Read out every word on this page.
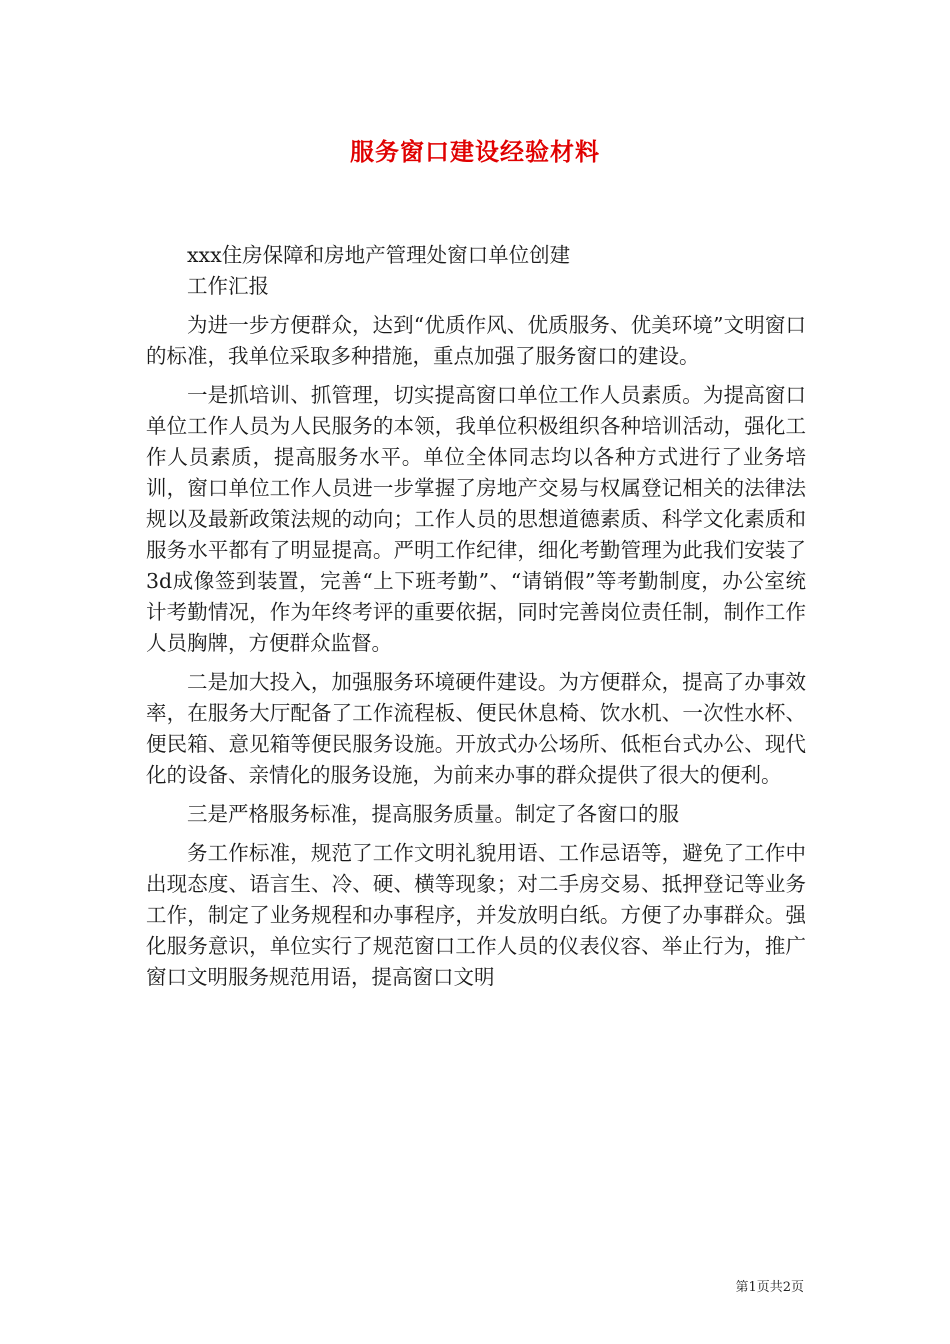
服务窗口建设经验材料

xxx住房保障和房地产管理处窗口单位创建

工作汇报

为进一步方便群众，达到“优质作风、优质服务、优美环境”文明窗口的标准，我单位采取多种措施，重点加强了服务窗口的建设。

一是抓培训、抓管理，切实提高窗口单位工作人员素质。为提高窗口单位工作人员为人民服务的本领，我单位积极组织各种培训活动，强化工作人员素质，提高服务水平。单位全体同志均以各种方式进行了业务培训，窗口单位工作人员进一步掌握了房地产交易与权属登记相关的法律法规以及最新政策法规的动向；工作人员的思想道德素质、科学文化素质和服务水平都有了明显提高。严明工作纪律，细化考勤管理为此我们安装了3d成像签到装置，完善“上下班考勤”、“请销假”等考勤制度，办公室统计考勤情况，作为年终考评的重要依据，同时完善岗位责任制，制作工作人员胸牌，方便群众监督。

二是加大投入，加强服务环境硬件建设。为方便群众，提高了办事效率，在服务大厅配备了工作流程板、便民休息椅、饮水机、一次性水杯、便民箱、意见箱等便民服务设施。开放式办公场所、低柜台式办公、现代化的设备、亲情化的服务设施，为前来办事的群众提供了很大的便利。

三是严格服务标准，提高服务质量。制定了各窗口的服

务工作标准，规范了工作文明礼貌用语、工作忌语等，避免了工作中出现态度、语言生、冷、硬、横等现象；对二手房交易、抵押登记等业务工作，制定了业务规程和办事程序，并发放明白纸。方便了办事群众。强化服务意识，单位实行了规范窗口工作人员的仪表仪容、举止行为，推广窗口文明服务规范用语，提高窗口文明

第1页共2页
